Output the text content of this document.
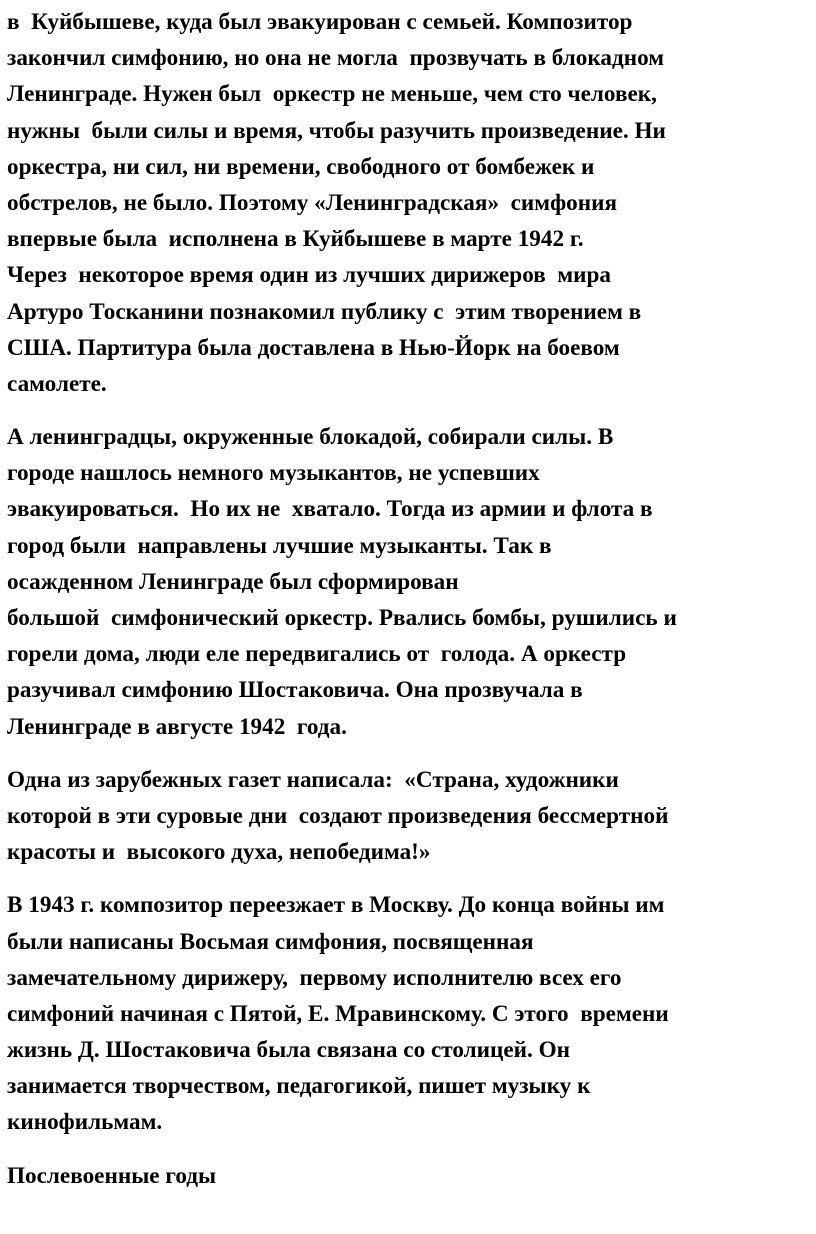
в  Куйбышеве, куда был эвакуирован с семьей. Композитор
закончил симфонию, но она не могла  прозвучать в блокадном
Ленинграде. Нужен был  оркестр не меньше, чем сто человек,
нужны  были силы и время, чтобы разучить произведение. Ни
оркестра, ни сил, ни времени, свободного от бомбежек и
обстрелов, не было. Поэтому «Ленинградская»  симфония
впервые была  исполнена в Куйбышеве в марте 1942 г.
Через  некоторое время один из лучших дирижеров  мира
Артуро Тосканини познакомил публику с  этим творением в
США. Партитура была доставлена в Нью-Йорк на боевом
самолете.
А ленинградцы, окруженные блокадой, собирали силы. В
городе нашлось немного музыкантов, не успевших
эвакуироваться.  Но их не  хватало. Тогда из армии и флота в
город были  направлены лучшие музыканты. Так в
осажденном Ленинграде был сформирован
большой  симфонический оркестр. Рвались бомбы, рушились и
горели дома, люди еле передвигались от  голода. А оркестр
разучивал симфонию Шостаковича. Она прозвучала в
Ленинграде в августе 1942  года.
Одна из зарубежных газет написала:  «Страна, художники
которой в эти суровые дни  создают произведения бессмертной
красоты и  высокого духа, непобедима!»
В 1943 г. композитор переезжает в Москву. До конца войны им
были написаны Восьмая симфония, посвященная
замечательному дирижеру,  первому исполнителю всех его
симфоний начиная с Пятой, Е. Мравинскому. С этого  времени
жизнь Д. Шостаковича была связана со столицей. Он
занимается творчеством, педагогикой, пишет музыку к
кинофильмам.
Послевоенные годы
